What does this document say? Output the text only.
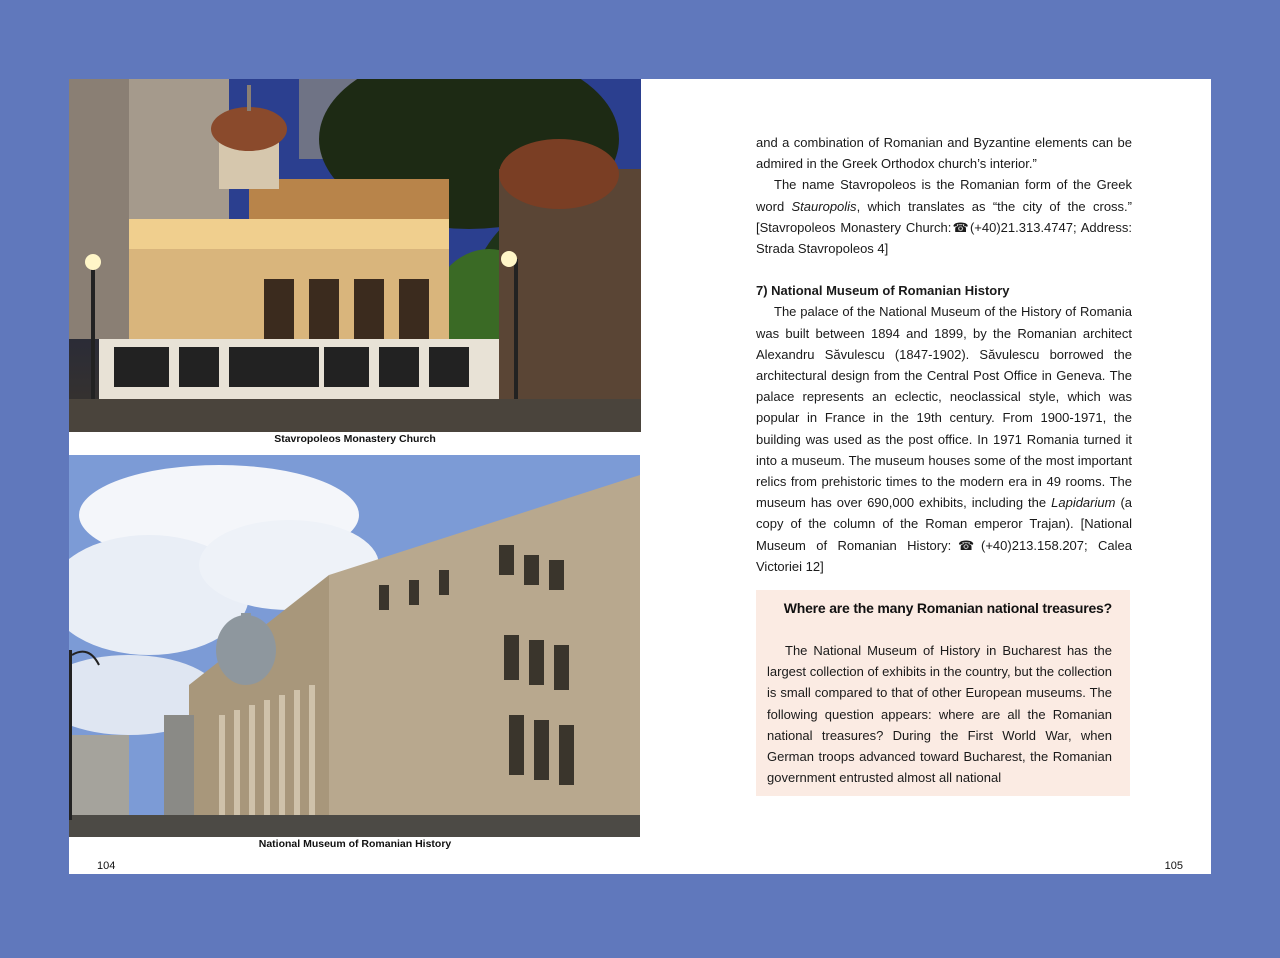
Stavropoleos Monastery Church
National Museum of Romanian History
104

and a combination of Romanian and Byzantine elements can be admired in the Greek Orthodox church’s interior.”

The name Stavropoleos is the Romanian form of the Greek word Stauropolis, which translates as “the city of the cross.” [Stavropoleos Monastery Church:☎(+40)21.313.4747; Address: Strada Stavropoleos 4]

7) National Museum of Romanian History

The palace of the National Museum of the History of Romania was built between 1894 and 1899, by the Romanian architect Alexandru Săvulescu (1847-1902). Săvulescu borrowed the architectural design from the Central Post Office in Geneva. The palace represents an eclectic, neoclassical style, which was popular in France in the 19th century. From 1900-1971, the building was used as the post office. In 1971 Romania turned it into a museum. The museum houses some of the most important relics from prehistoric times to the modern era in 49 rooms. The museum has over 690,000 exhibits, including the Lapidarium (a copy of the column of the Roman emperor Trajan). [National Museum of Romanian History:☎(+40)213.158.207; Calea Victoriei 12]

Where are the many Romanian national treasures?

The National Museum of History in Bucharest has the largest collection of exhibits in the country, but the collection is small compared to that of other European museums. The following question appears: where are all the Romanian national treasures? During the First World War, when German troops advanced toward Bucharest, the Romanian government entrusted almost all national

105
